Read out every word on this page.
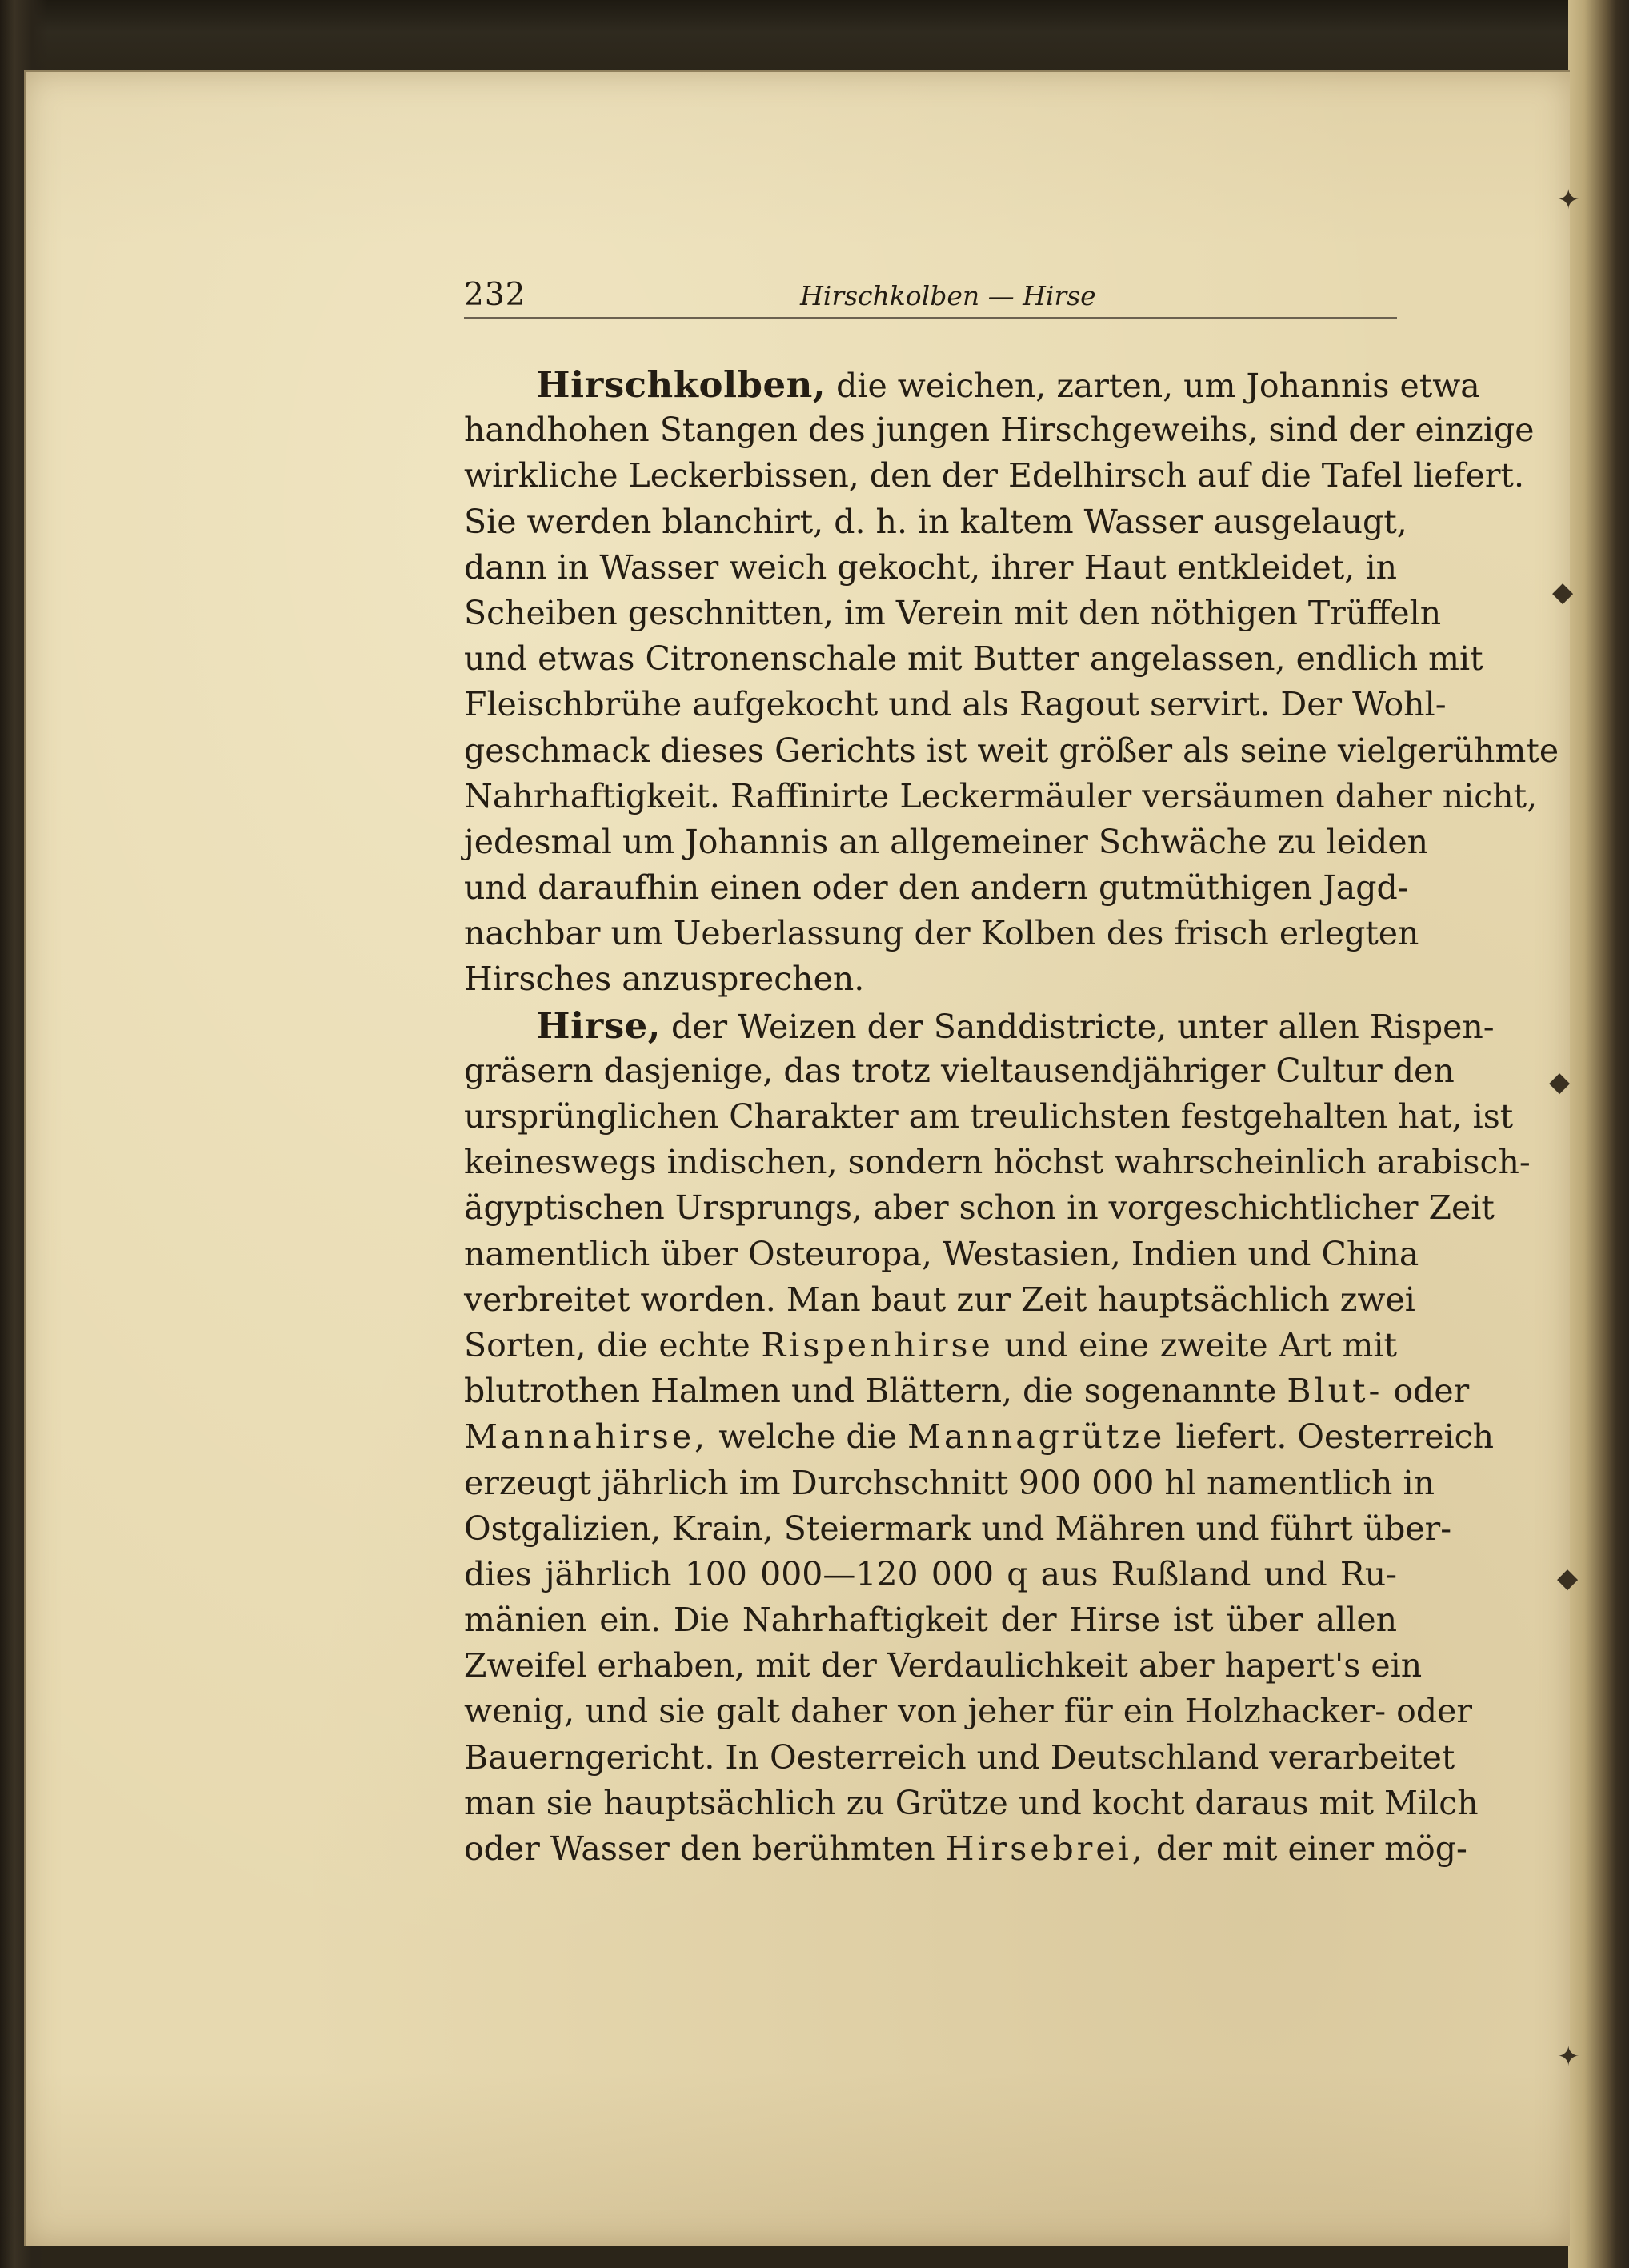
✦
◆
◆
◆
✦
232	Hirschkolben — Hirse
Hirschkolben, die weichen, zarten, um Johannis etwa
handhohen Stangen des jungen Hirschgeweihs, sind der einzige
wirkliche Leckerbissen, den der Edelhirsch auf die Tafel liefert.
Sie werden blanchirt, d. h. in kaltem Wasser ausgelaugt,
dann in Wasser weich gekocht, ihrer Haut entkleidet, in
Scheiben geschnitten, im Verein mit den nöthigen Trüffeln
und etwas Citronenschale mit Butter angelassen, endlich mit
Fleischbrühe aufgekocht und als Ragout servirt. Der Wohl-
geschmack dieses Gerichts ist weit größer als seine vielgerühmte
Nahrhaftigkeit. Raffinirte Leckermäuler versäumen daher nicht,
jedesmal um Johannis an allgemeiner Schwäche zu leiden
und daraufhin einen oder den andern gutmüthigen Jagd-
nachbar um Ueberlassung der Kolben des frisch erlegten
Hirsches anzusprechen.
Hirse, der Weizen der Sanddistricte, unter allen Rispen-
gräsern dasjenige, das trotz vieltausendjähriger Cultur den
ursprünglichen Charakter am treulichsten festgehalten hat, ist
keineswegs indischen, sondern höchst wahrscheinlich arabisch-
ägyptischen Ursprungs, aber schon in vorgeschichtlicher Zeit
namentlich über Osteuropa, Westasien, Indien und China
verbreitet worden. Man baut zur Zeit hauptsächlich zwei
Sorten, die echte Rispenhirse und eine zweite Art mit
blutrothen Halmen und Blättern, die sogenannte Blut- oder
Mannahirse, welche die Mannagrütze liefert. Oesterreich
erzeugt jährlich im Durchschnitt 900 000 hl namentlich in
Ostgalizien, Krain, Steiermark und Mähren und führt über-
dies jährlich 100 000—120 000 q aus Rußland und Ru-
mänien ein. Die Nahrhaftigkeit der Hirse ist über allen
Zweifel erhaben, mit der Verdaulichkeit aber hapert's ein
wenig, und sie galt daher von jeher für ein Holzhacker- oder
Bauerngericht. In Oesterreich und Deutschland verarbeitet
man sie hauptsächlich zu Grütze und kocht daraus mit Milch
oder Wasser den berühmten Hirsebrei, der mit einer mög-
